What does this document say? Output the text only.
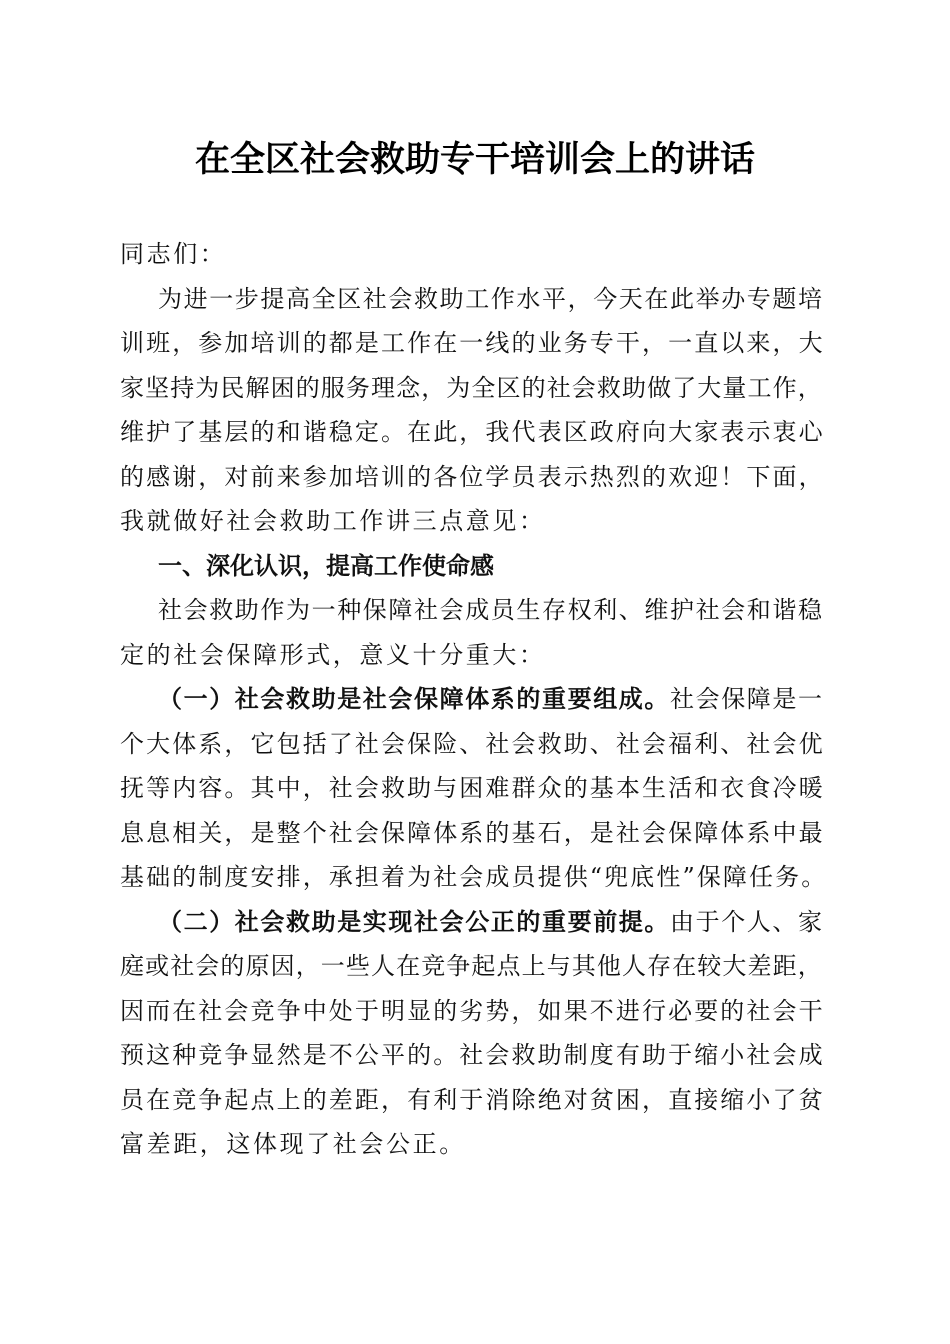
在全区社会救助专干培训会上的讲话
同志们：
为进一步提高全区社会救助工作水平，今天在此举办专题培
训班，参加培训的都是工作在一线的业务专干，一直以来，大
家坚持为民解困的服务理念，为全区的社会救助做了大量工作，
维护了基层的和谐稳定。在此，我代表区政府向大家表示衷心
的感谢，对前来参加培训的各位学员表示热烈的欢迎！下面，
我就做好社会救助工作讲三点意见：
一、深化认识，提高工作使命感
社会救助作为一种保障社会成员生存权利、维护社会和谐稳
定的社会保障形式，意义十分重大：
（一）社会救助是社会保障体系的重要组成。社会保障是一
个大体系，它包括了社会保险、社会救助、社会福利、社会优
抚等内容。其中，社会救助与困难群众的基本生活和衣食冷暖
息息相关，是整个社会保障体系的基石，是社会保障体系中最
基础的制度安排，承担着为社会成员提供“兜底性”保障任务。
（二）社会救助是实现社会公正的重要前提。由于个人、家
庭或社会的原因，一些人在竞争起点上与其他人存在较大差距，
因而在社会竞争中处于明显的劣势，如果不进行必要的社会干
预这种竞争显然是不公平的。社会救助制度有助于缩小社会成
员在竞争起点上的差距，有利于消除绝对贫困，直接缩小了贫
富差距，这体现了社会公正。
